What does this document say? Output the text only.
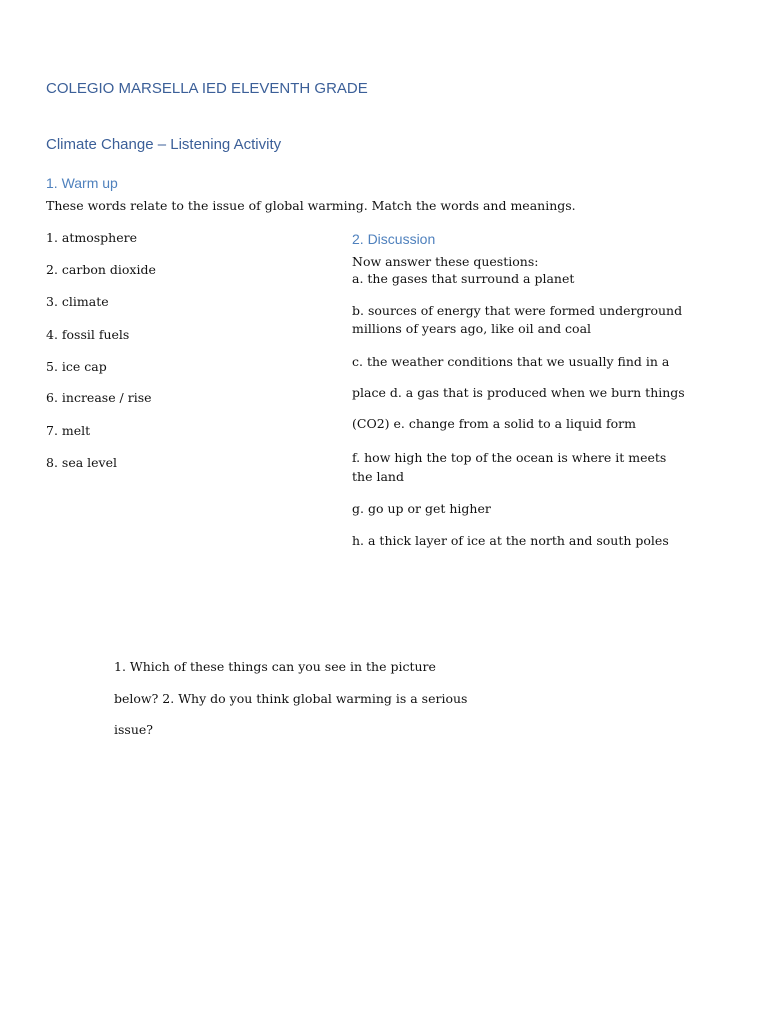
COLEGIO MARSELLA IED ELEVENTH GRADE
Climate Change – Listening Activity
1. Warm up
These words relate to the issue of global warming. Match the words and meanings.
1. atmosphere
2. carbon dioxide
3. climate
4. fossil fuels
5. ice cap
6. increase / rise
7. melt
8. sea level
2. Discussion
Now answer these questions:
a. the gases that surround a planet
b. sources of energy that were formed underground
millions of years ago, like oil and coal
c. the weather conditions that we usually find in a
place d. a gas that is produced when we burn things
(CO2) e. change from a solid to a liquid form
f. how high the top of the ocean is where it meets
the land
g. go up or get higher
h. a thick layer of ice at the north and south poles
1. Which of these things can you see in the picture
below? 2. Why do you think global warming is a serious
issue?
